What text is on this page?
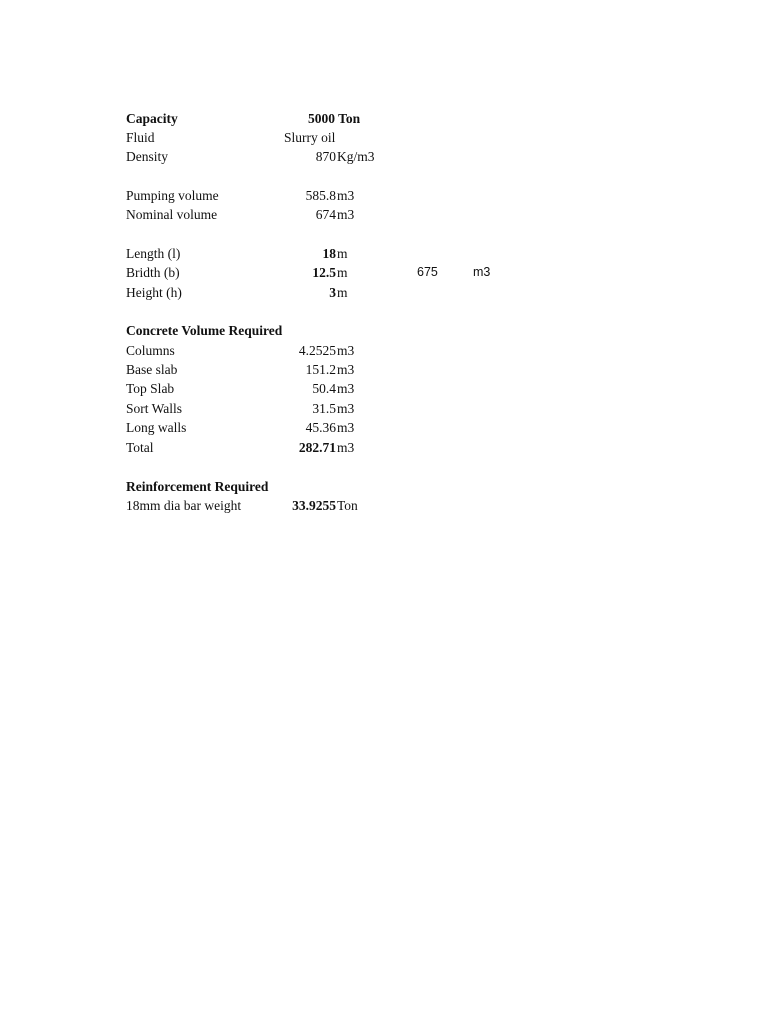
Capacity	5000 Ton
Fluid	Slurry oil
Density	870 Kg/m3
Pumping volume	585.8 m3
Nominal volume	674 m3
Length (l)	18 m
Bridth (b)	12.5 m	675	m3
Height (h)	3 m
Concrete Volume Required
Columns	4.2525 m3
Base slab	151.2 m3
Top Slab	50.4 m3
Sort Walls	31.5 m3
Long walls	45.36 m3
Total	282.71 m3
Reinforcement Required
18mm dia bar weight	33.9255 Ton
